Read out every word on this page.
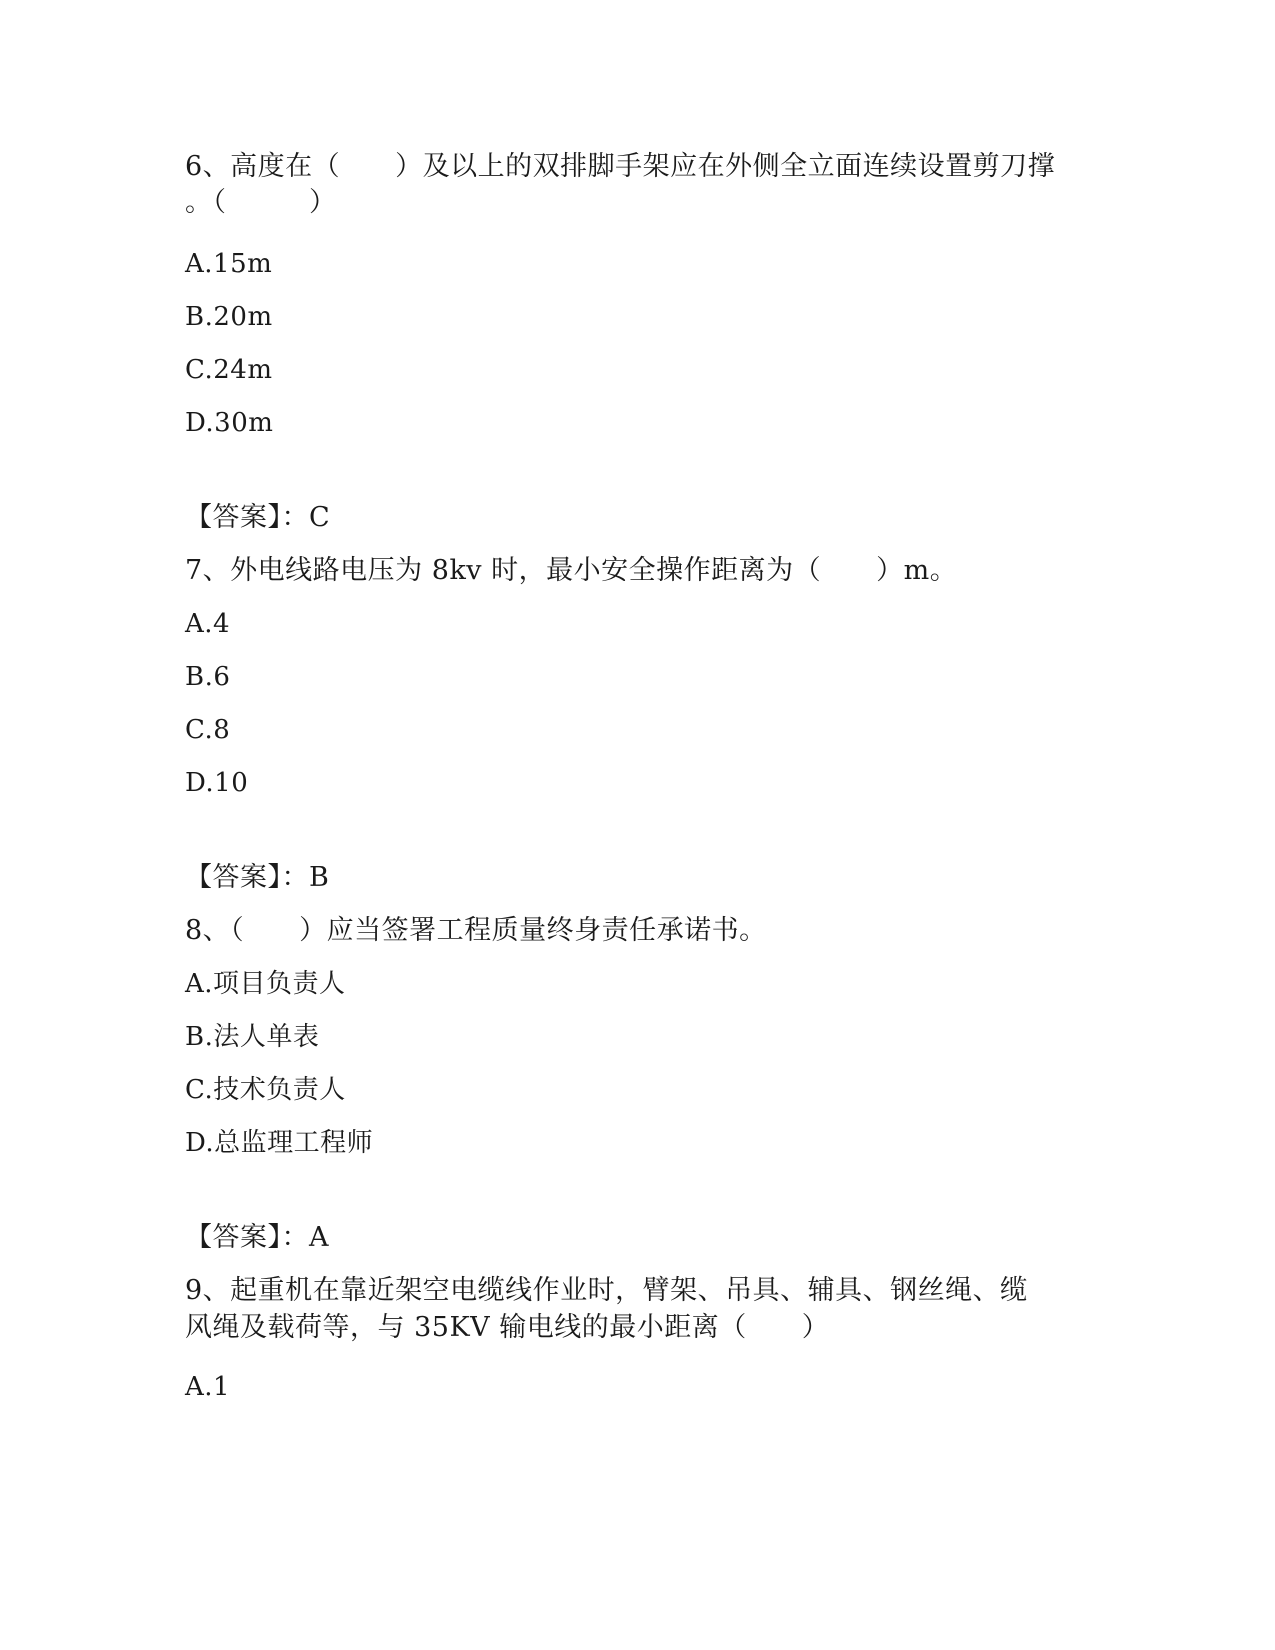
6、高度在（　　）及以上的双排脚手架应在外侧全立面连续设置剪刀撑
。（　　　）
A.15m
B.20m
C.24m
D.30m
【答案】：C
7、外电线路电压为 8kv 时，最小安全操作距离为（　　）m。
A.4
B.6
C.8
D.10
【答案】：B
8、（　　）应当签署工程质量终身责任承诺书。
A.项目负责人
B.法人单表
C.技术负责人
D.总监理工程师
【答案】：A
9、起重机在靠近架空电缆线作业时，臂架、吊具、辅具、钢丝绳、缆
风绳及载荷等，与 35KV 输电线的最小距离（　　）
A.1
